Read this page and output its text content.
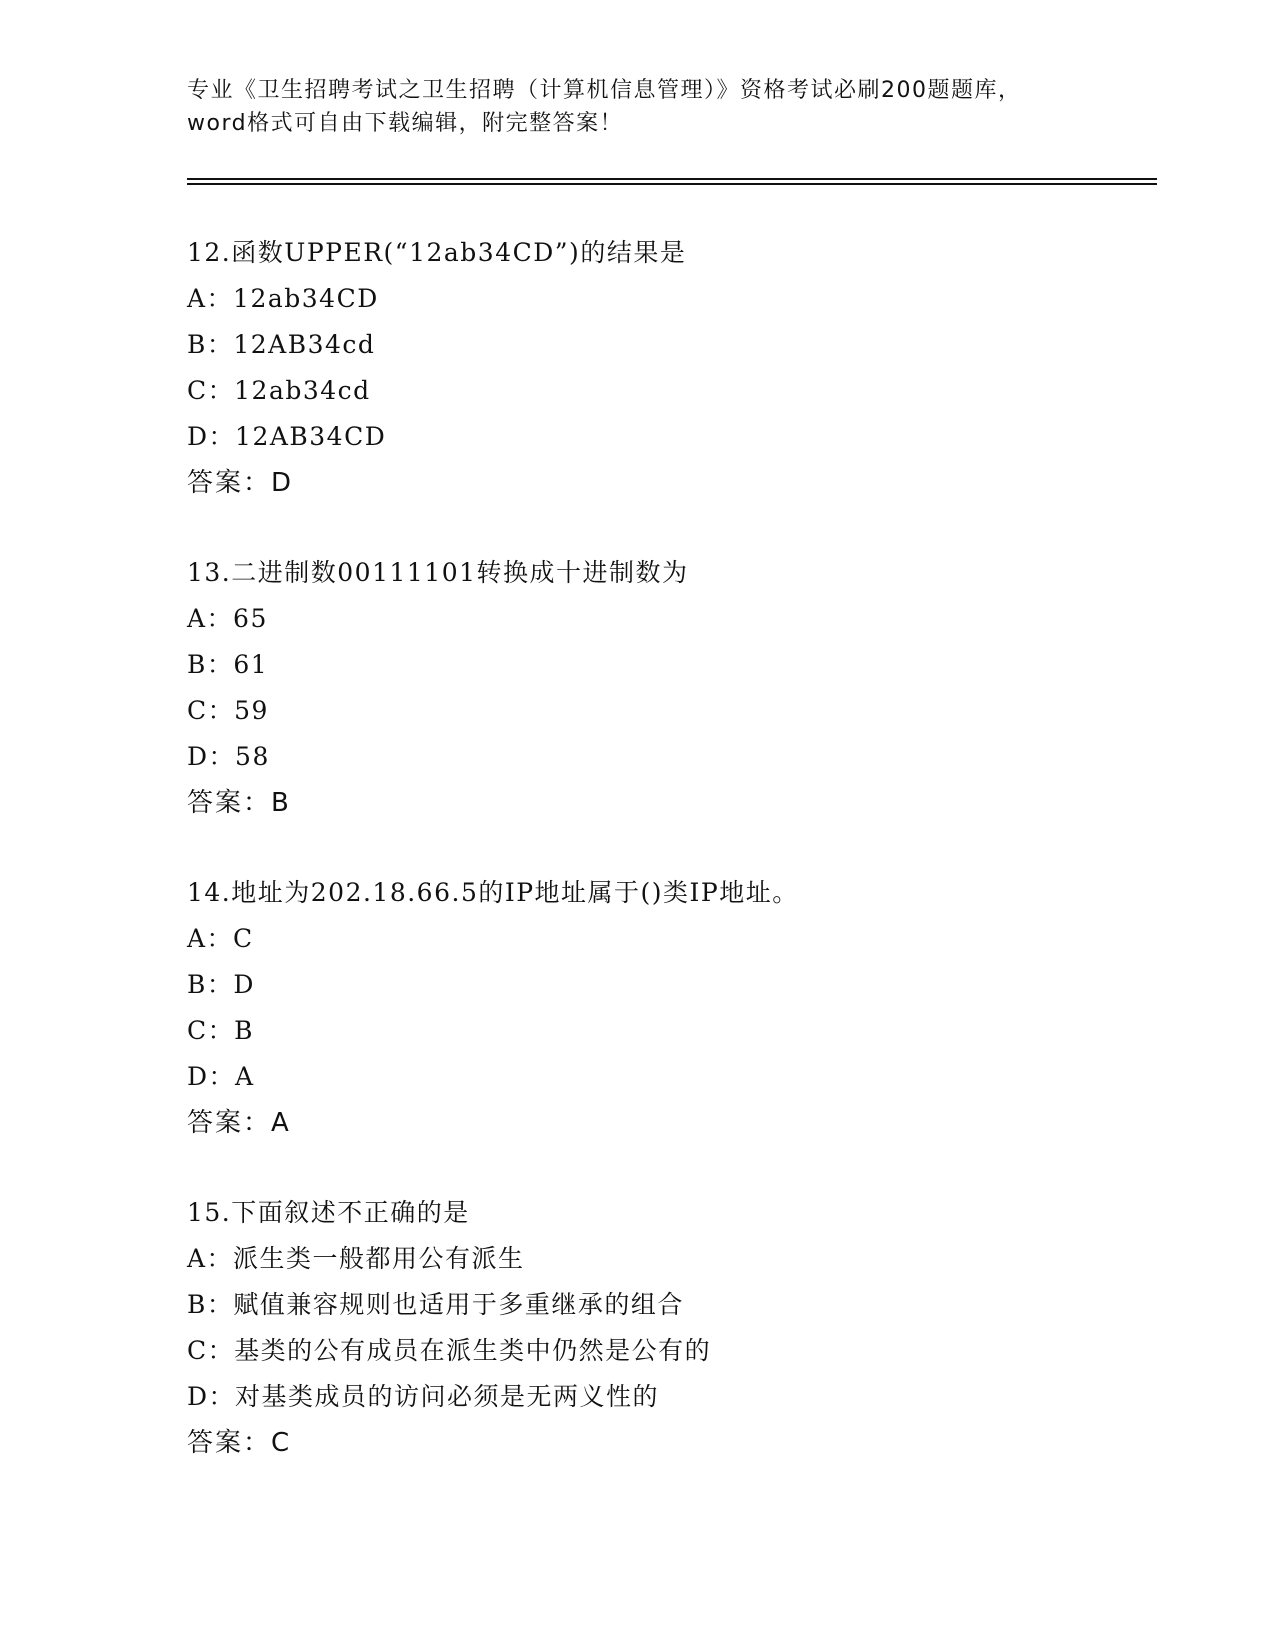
专业《卫生招聘考试之卫生招聘（计算机信息管理）》资格考试必刷200题题库，
word格式可自由下载编辑，附完整答案！
12.函数UPPER(“12ab34CD”)的结果是
A：12ab34CD
B：12AB34cd
C：12ab34cd
D：12AB34CD
答案：D
13.二进制数00111101转换成十进制数为
A：65
B：61
C：59
D：58
答案：B
14.地址为202.18.66.5的IP地址属于()类IP地址。
A：C
B：D
C：B
D：A
答案：A
15.下面叙述不正确的是
A：派生类一般都用公有派生
B：赋值兼容规则也适用于多重继承的组合
C：基类的公有成员在派生类中仍然是公有的
D：对基类成员的访问必须是无两义性的
答案：C
